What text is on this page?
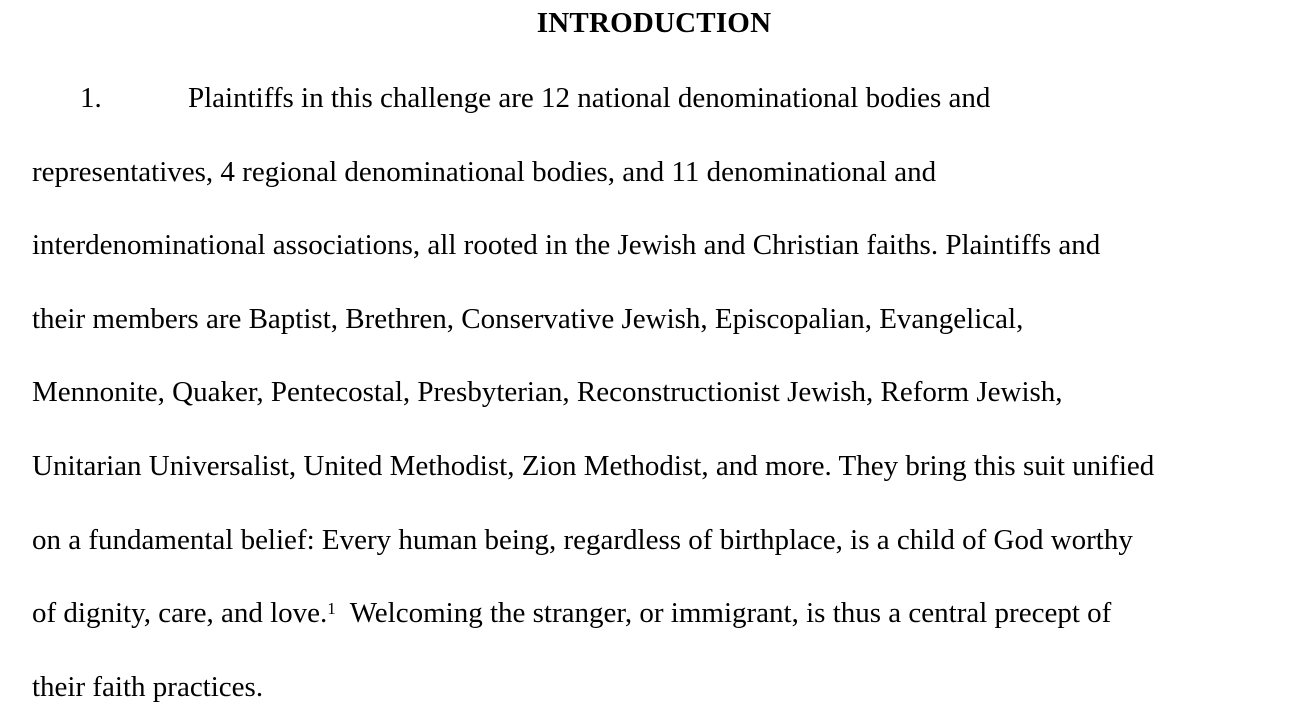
INTRODUCTION
1.	Plaintiffs in this challenge are 12 national denominational bodies and
representatives, 4 regional denominational bodies, and 11 denominational and
interdenominational associations, all rooted in the Jewish and Christian faiths. Plaintiffs and
their members are Baptist, Brethren, Conservative Jewish, Episcopalian, Evangelical,
Mennonite, Quaker, Pentecostal, Presbyterian, Reconstructionist Jewish, Reform Jewish,
Unitarian Universalist, United Methodist, Zion Methodist, and more. They bring this suit unified
on a fundamental belief: Every human being, regardless of birthplace, is a child of God worthy
of dignity, care, and love.$^1$  Welcoming the stranger, or immigrant, is thus a central precept of
their faith practices.
